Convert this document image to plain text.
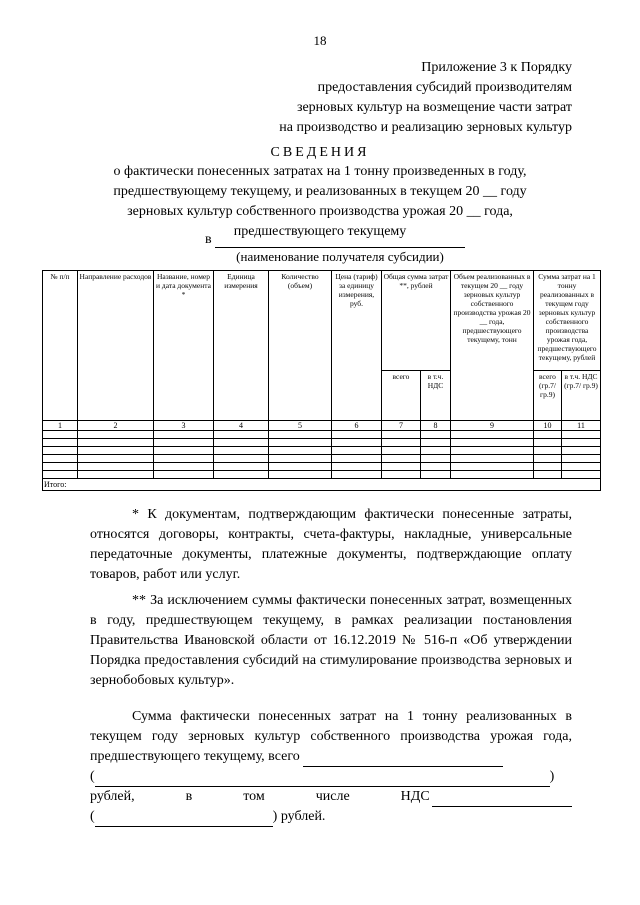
18
Приложение 3 к Порядку
предоставления субсидий производителям
зерновых культур на возмещение части затрат
на производство и реализацию зерновых культур
СВЕДЕНИЯ
о фактически понесенных затратах на 1 тонну произведенных в году,
предшествующему текущему, и реализованных в текущем 20 __ году
зерновых культур собственного производства урожая 20 __ года,
предшествующего текущему
в
(наименование получателя субсидии)
№ п/п	Направление расходов	Название, номер и дата документа *	Единица измерения	Количество (объем)	Цена (тариф) за единицу измерения, руб.	Общая сумма затрат **, рублей		Объем реализованных в текущем 20 __ году зерновых культур собственного производства урожая 20 __ года, предшествующего текущему, тонн	Сумма затрат на 1 тонну реализованных в текущем году зерновых культур собственного производства урожая года, предшествующего текущему, рублей	
						всего	в т.ч. НДС		всего (гр.7/ гр.9)	в т.ч. НДС (гр.7/ гр.9)
1	2	3	4	5	6	7	8	9	10	11

Итого:										

* К документам, подтверждающим фактически понесенные затраты, относятся договоры, контракты, счета-фактуры, накладные, универсальные передаточные документы, платежные документы, подтверждающие оплату товаров, работ или услуг.

** За исключением суммы фактически понесенных затрат, возмещенных в году, предшествующем текущему, в рамках реализации постановления Правительства Ивановской области от 16.12.2019 № 516-п «Об утверждении Порядка предоставления субсидий на стимулирование производства зерновых и зернобобовых культур».

Сумма фактически понесенных затрат на 1 тонну реализованных в текущем году зерновых культур собственного производства урожая года, предшествующего текущему, всего

(	)
рублей,  в  том  числе  НДС
(	) рублей.
